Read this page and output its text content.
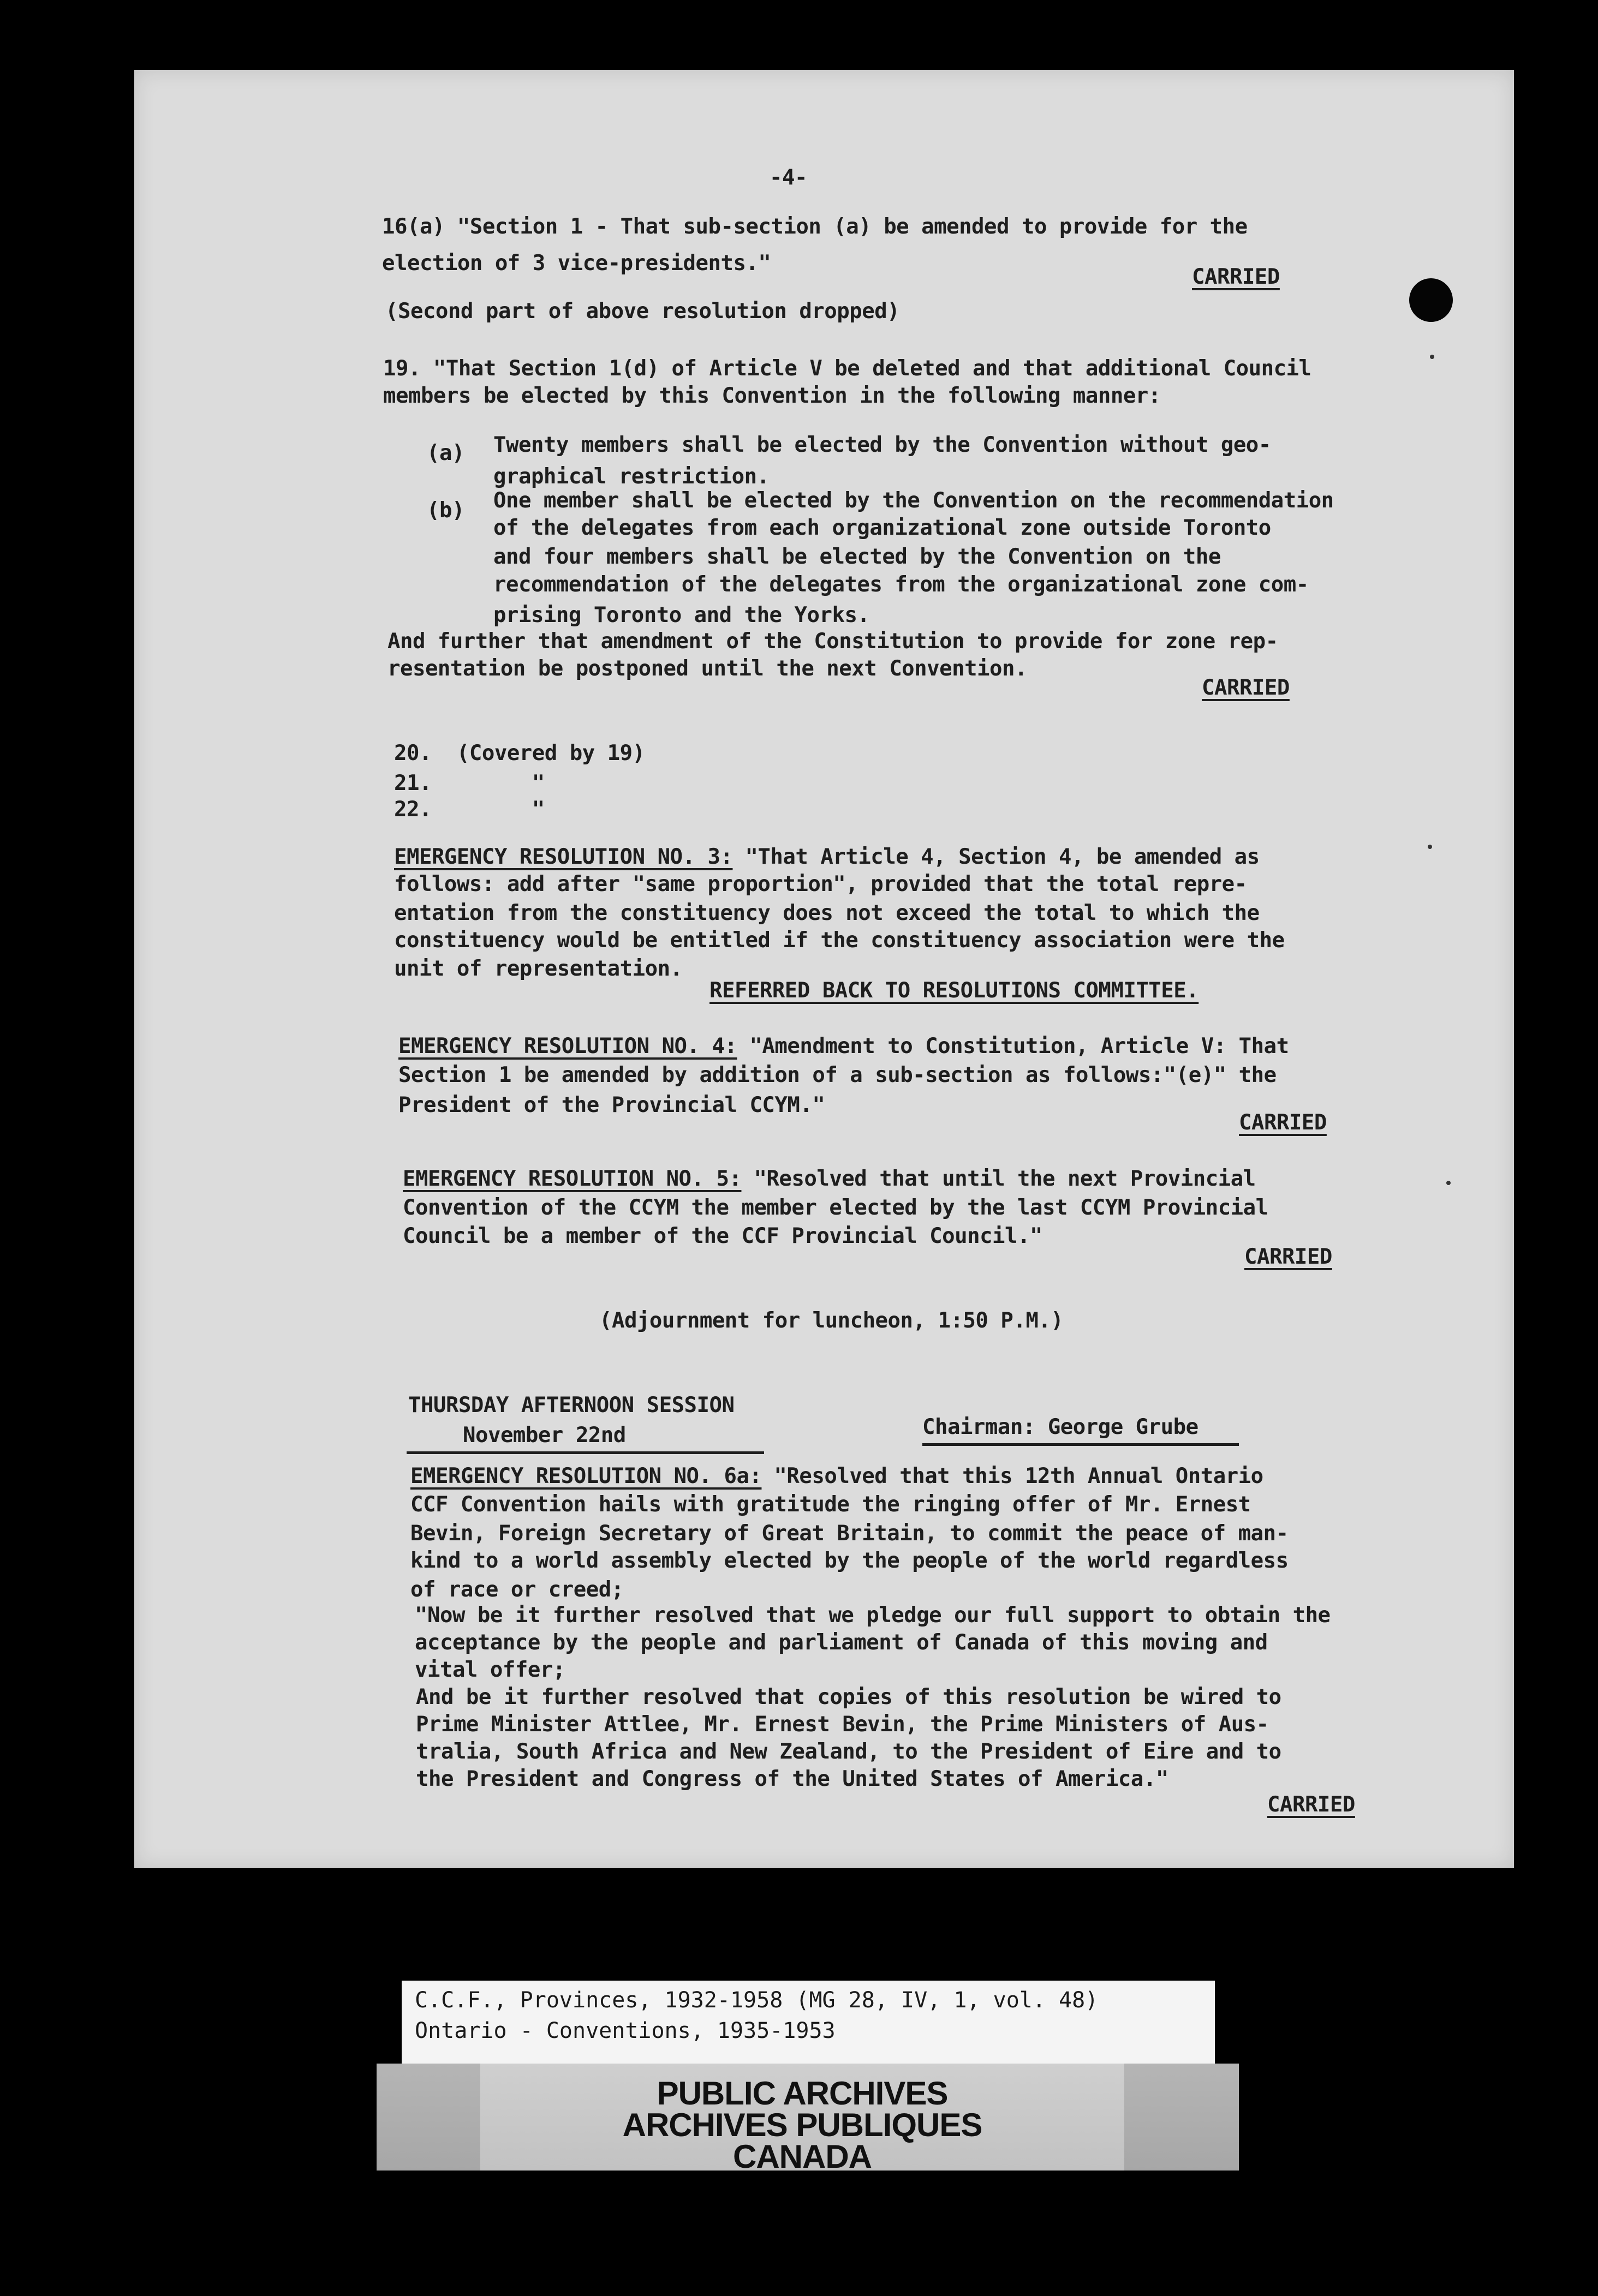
-4-
16(a) "Section 1 - That sub-section (a) be amended to provide for the
election of 3 vice-presidents."
CARRIED
(Second part of above resolution dropped)
19. "That Section 1(d) of Article V be deleted and that additional Council
members be elected by this Convention in the following manner:
(a) Twenty members shall be elected by the Convention without geo-
graphical restriction.
(b) One member shall be elected by the Convention on the recommendation
of the delegates from each organizational zone outside Toronto
and four members shall be elected by the Convention on the
recommendation of the delegates from the organizational zone com-
prising Toronto and the Yorks.
And further that amendment of the Constitution to provide for zone rep-
resentation be postponed until the next Convention.
CARRIED
20.  (Covered by 19)
21.        "
22.        "
EMERGENCY RESOLUTION NO. 3: "That Article 4, Section 4, be amended as
follows: add after "same proportion", provided that the total repre-
entation from the constituency does not exceed the total to which the
constituency would be entitled if the constituency association were the
unit of representation.
REFERRED BACK TO RESOLUTIONS COMMITTEE.
EMERGENCY RESOLUTION NO. 4: "Amendment to Constitution, Article V: That
Section 1 be amended by addition of a sub-section as follows:"(e)" the
President of the Provincial CCYM."
CARRIED
EMERGENCY RESOLUTION NO. 5: "Resolved that until the next Provincial
Convention of the CCYM the member elected by the last CCYM Provincial
Council be a member of the CCF Provincial Council."
CARRIED
(Adjournment for luncheon, 1:50 P.M.)
THURSDAY AFTERNOON SESSION
November 22nd	Chairman: George Grube
EMERGENCY RESOLUTION NO. 6a: "Resolved that this 12th Annual Ontario
CCF Convention hails with gratitude the ringing offer of Mr. Ernest
Bevin, Foreign Secretary of Great Britain, to commit the peace of man-
kind to a world assembly elected by the people of the world regardless
of race or creed;
"Now be it further resolved that we pledge our full support to obtain the
acceptance by the people and parliament of Canada of this moving and
vital offer;
And be it further resolved that copies of this resolution be wired to
Prime Minister Attlee, Mr. Ernest Bevin, the Prime Ministers of Aus-
tralia, South Africa and New Zealand, to the President of Eire and to
the President and Congress of the United States of America."
CARRIED
C.C.F., Provinces, 1932-1958 (MG 28, IV, 1, vol. 48)
Ontario - Conventions, 1935-1953
PUBLIC ARCHIVES
ARCHIVES PUBLIQUES
CANADA
